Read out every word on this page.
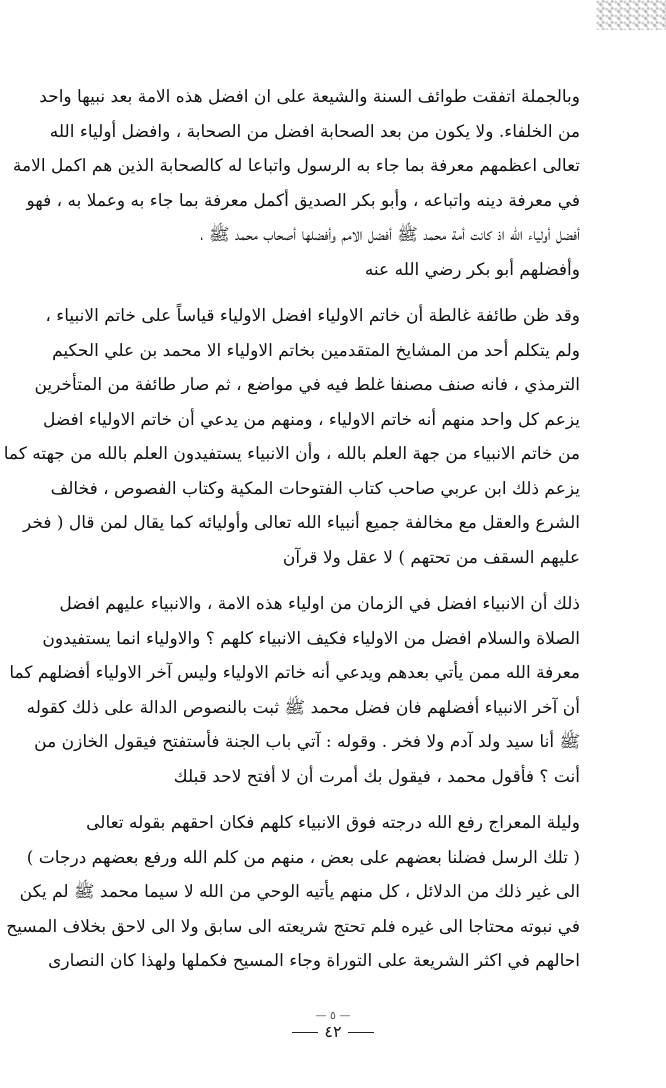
وبالجملة اتفقت طوائف السنة والشيعة على ان افضل هذه الامة بعد نبيها واحد
من الخلفاء. ولا يكون من بعد الصحابة افضل من الصحابة ، وافضل أولياء الله
تعالى اعظمهم معرفة بما جاء به الرسول واتباعا له كالصحابة الذين هم اكمل الامة
في معرفة دينه واتباعه ، وأبو بكر الصديق أكمل معرفة بما جاء به وعملا به ، فهو
أفضل أولياء الله اذ كانت أمة محمد ﷺ أفضل الامم وأفضلها أصحاب محمد ﷺ ،
وأفضلهم أبو بكر رضي الله عنه
وقد ظن طائفة غالطة أن خاتم الاولياء افضل الاولياء قياساً على خاتم الانبياء ،
ولم يتكلم أحد من المشايخ المتقدمين بخاتم الاولياء الا محمد بن علي الحكيم
الترمذي ، فانه صنف مصنفا غلط فيه في مواضع ، ثم صار طائفة من المتأخرين
يزعم كل واحد منهم أنه خاتم الاولياء ، ومنهم من يدعي أن خاتم الاولياء افضل
من خاتم الانبياء من جهة العلم بالله ، وأن الانبياء يستفيدون العلم بالله من جهته كما
يزعم ذلك ابن عربي صاحب كتاب الفتوحات المكية وكتاب الفصوص ، فخالف
الشرع والعقل مع مخالفة جميع أنبياء الله تعالى وأوليائه كما يقال لمن قال ( فخر
عليهم السقف من تحتهم ) لا عقل ولا قرآن
ذلك أن الانبياء افضل في الزمان من اولياء هذه الامة ، والانبياء عليهم افضل
الصلاة والسلام افضل من الاولياء فكيف الانبياء كلهم ؟ والاولياء انما يستفيدون
معرفة الله ممن يأتي بعدهم ويدعي أنه خاتم الاولياء وليس آخر الاولياء أفضلهم كما
أن آخر الانبياء أفضلهم فان فضل محمد ﷺ ثبت بالنصوص الدالة على ذلك كقوله
ﷺ أنا سيد ولد آدم ولا فخر . وقوله : آتي باب الجنة فأستفتح فيقول الخازن من
أنت ؟ فأقول محمد ، فيقول بك أمرت أن لا أفتح لاحد قبلك
وليلة المعراج رفع الله درجته فوق الانبياء كلهم فكان احقهم بقوله تعالى
( تلك الرسل فضلنا بعضهم على بعض ، منهم من كلم الله ورفع بعضهم درجات )
الى غير ذلك من الدلائل ، كل منهم يأتيه الوحي من الله لا سيما محمد ﷺ لم يكن
في نبوته محتاجا الى غيره فلم تحتج شريعته الى سابق ولا الى لاحق بخلاف المسيح
احالهم في اكثر الشريعة على التوراة وجاء المسيح فكملها ولهذا كان النصارى
— ٥ —
٤٢
